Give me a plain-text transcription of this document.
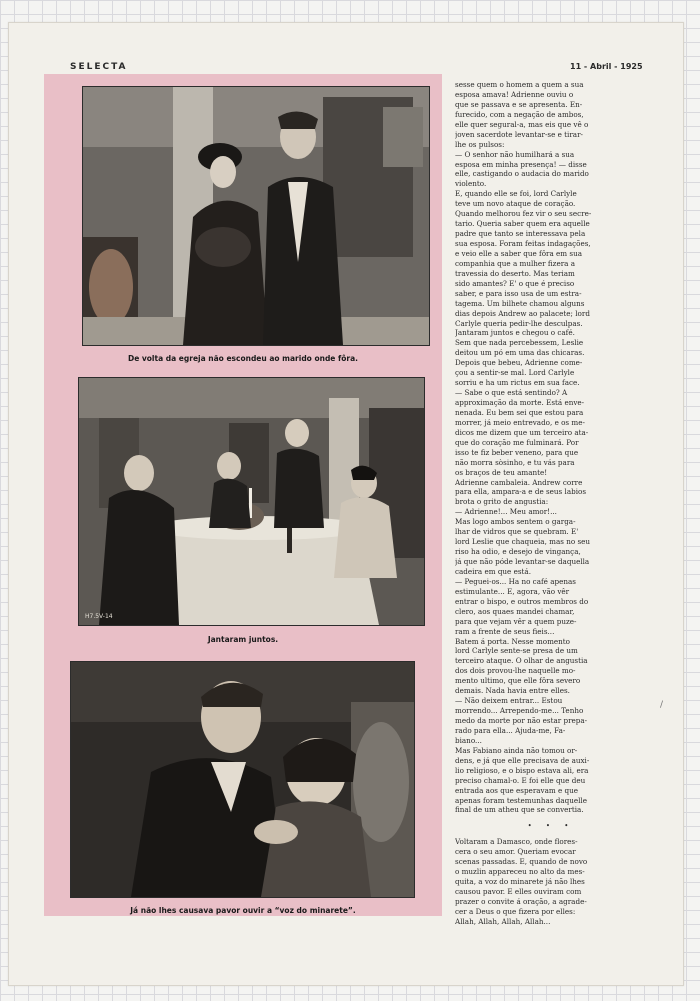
SELECTA	11 - Abril - 1925
De volta da egreja não escondeu ao marido onde fôra.
H7.5V-14
Jantaram juntos.
Já não lhes causava pavor ouvir a “voz do minarete”.
sesse quem o homem a quem a sua
esposa amava! Adrienne ouviu o
que se passava e se apresenta. En-
furecido, com a negação de ambos,
elle quer segural-a, mas eis que vê o
joven sacerdote levantar-se e tirar-
lhe os pulsos:
— O senhor não humilhará a sua
esposa em minha presença! — disse
elle, castigando o audacia do marido
violento.
E, quando elle se foi, lord Carlyle
teve um novo ataque de coração.
Quando melhorou fez vir o seu secre-
tario. Queria saber quem era aquelle
padre que tanto se interessava pela
sua esposa. Foram feitas indagações,
e veio elle a saber que fôra em sua
companhia que a mulher fizera a
travessia do deserto. Mas teriam
sido amantes? E' o que é preciso
saber, e para isso usa de um estra-
tagema. Um bilhete chamou alguns
dias depois Andrew ao palacete; lord
Carlyle queria pedir-lhe desculpas.
Jantaram juntos e chegou o café.
Sem que nada percebessem, Leslie
deitou um pó em uma das chicaras.
Depois que bebeu, Adrienne come-
çou a sentir-se mal. Lord Carlyle
sorriu e ha um rictus em sua face.
— Sabe o que está sentindo? A
approximação da morte. Está enve-
nenada. Eu bem sei que estou para
morrer, já meio entrevado, e os me-
dicos me dizem que um terceiro ata-
que do coração me fulminará. Por
isso te fiz beber veneno, para que
não morra sòsinho, e tu vás para
os braços de teu amante!
Adrienne cambaleia. Andrew corre
para ella, ampara-a e de seus labios
brota o grito de angustia:
— Adrienne!... Meu amor!...
Mas logo ambos sentem o gargа-
lhar de vidros que se quebram. E'
lord Leslie que chaqueia, mas no seu
riso ha odio, e desejo de vingança,
já que não póde levantar-se daquella
cadeira em que está.
— Peguei-os... Ha no café apenas
estimulante... E, agora, vão vêr
entrar o bispo, e outros membros do
clero, aos quaes mandei chamar,
para que vejam vêr a quem puze-
ram a frente de seus fieis...
Batem á porta. Nesse momento
lord Carlyle sente-se presa de um
terceiro ataque. O olhar de angustia
dos dois provou-lhe naquelle mo-
mento ultimo, que elle fôra severo
demais. Nada havia entre elles.
— Não deixem entrar... Estou
morrendo... Arrependo-me... Tenho
medo da morte por não estar prepa-
rado para ella... Ajuda-me, Fa-
biano...
Mas Fabiano ainda não tomou or-
dens, e já que elle precisava de auxi-
lio religioso, e o bispo estava ali, era
preciso chamal-o. E foi elle que deu
entrada aos que esperavam e que
apenas foram testemunhas daquelle
final de um atheu que se convertia.
• • •
Voltaram a Damasco, onde flores-
cera o seu amor. Queriam evocar
scenas passadas. E, quando de novo
o muzlin appareceu no alto da mes-
quita, a voz do minarete já não lhes
causou pavor. E elles ouviram com
prazer o convite á oração, a agrade-
cer a Deus o que fizera por elles:
Allah, Allah, Allah, Allah...
/
